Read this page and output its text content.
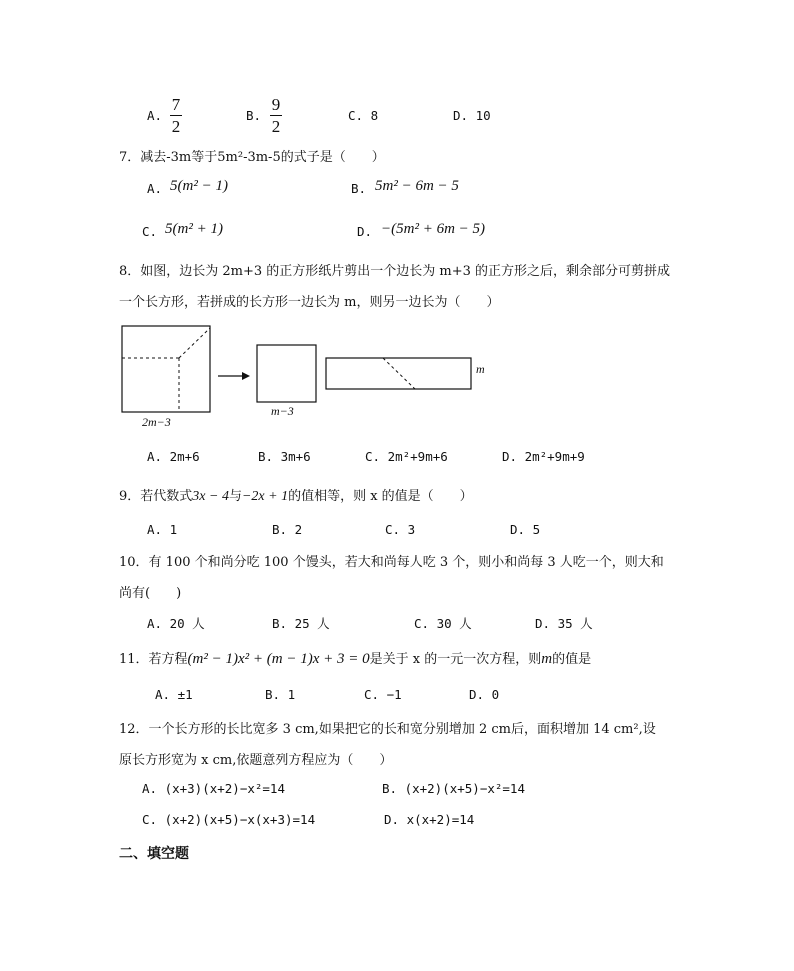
A. $\frac{7}{2}$	B. $\frac{9}{2}$	C. 8	D. 10
7．减去-3m等于5m²-3m-5的式子是（　　）
A. 5(m² − 1)	B. 5m² − 6m − 5
C. 5(m² + 1)	D. −(5m² + 6m − 5)
8．如图，边长为 2m+3 的正方形纸片剪出一个边长为 m+3 的正方形之后，剩余部分可剪拼成
一个长方形，若拼成的长方形一边长为 m，则另一边长为（　　）
2m−3
m−3
m
A. 2m+6	B. 3m+6	C. 2m²+9m+6	D. 2m²+9m+9
9．若代数式3x − 4与−2x + 1的值相等，则 x 的值是（　　）
A. 1	B. 2	C. 3	D. 5
10．有 100 个和尚分吃 100 个馒头，若大和尚每人吃 3 个，则小和尚每 3 人吃一个，则大和
尚有(　　)
A. 20 人	B. 25 人	C. 30 人	D. 35 人
11．若方程(m² − 1)x² + (m − 1)x + 3 = 0是关于 x 的一元一次方程，则m的值是
A. ±1	B. 1	C. −1	D. 0
12．一个长方形的长比宽多 3 cm,如果把它的长和宽分别增加 2 cm后，面积增加 14 cm²,设
原长方形宽为 x cm,依题意列方程应为（　　）
A. (x+3)(x+2)−x²=14	B. (x+2)(x+5)−x²=14
C. (x+2)(x+5)−x(x+3)=14	D. x(x+2)=14
二、填空题
